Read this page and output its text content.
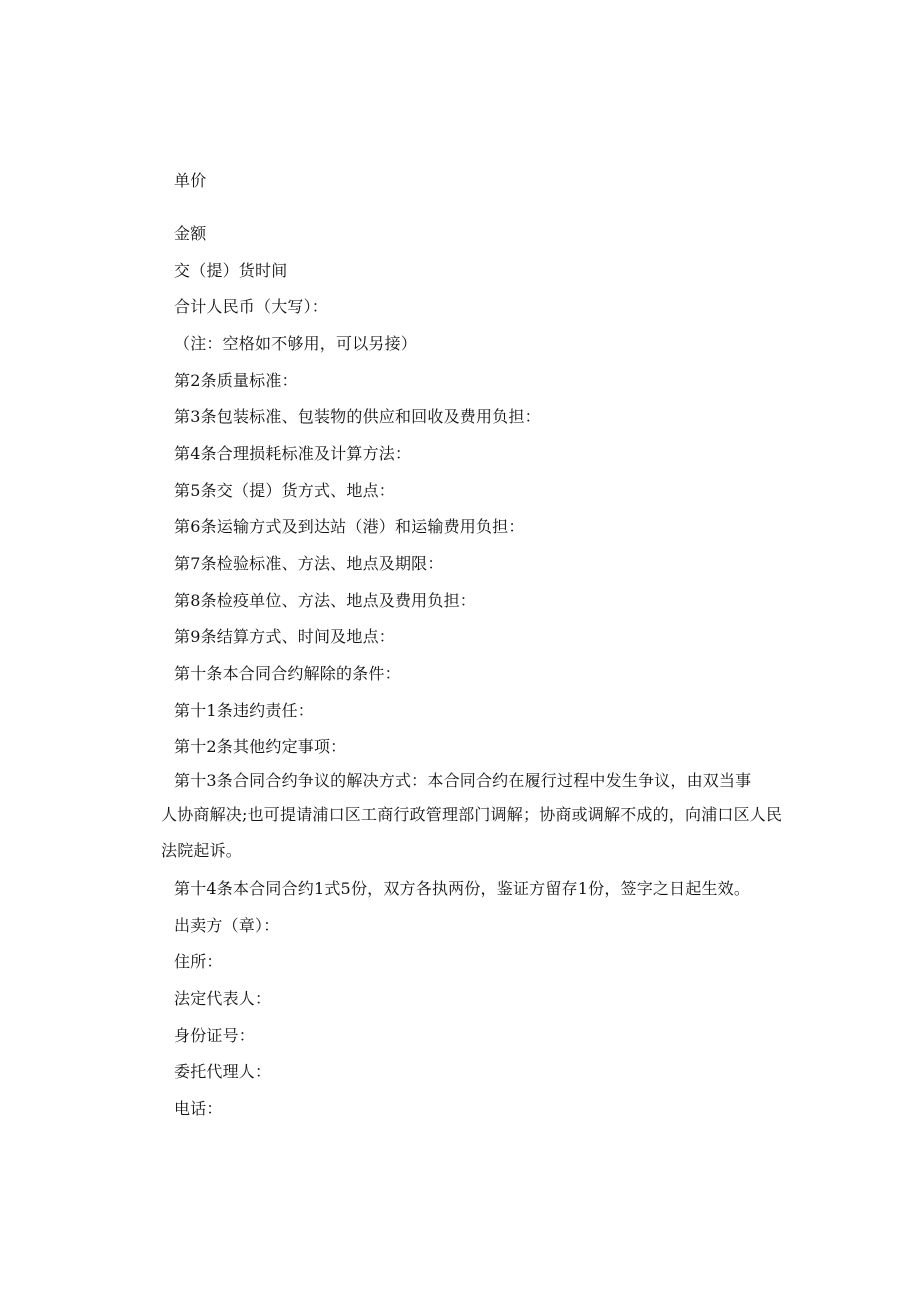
单价
金额
交（提）货时间
合计人民币（大写）：
（注：空格如不够用，可以另接）
第2条质量标准：
第3条包装标准、包装物的供应和回收及费用负担：
第4条合理损耗标准及计算方法：
第5条交（提）货方式、地点：
第6条运输方式及到达站（港）和运输费用负担：
第7条检验标准、方法、地点及期限：
第8条检疫单位、方法、地点及费用负担：
第9条结算方式、时间及地点：
第十条本合同合约解除的条件：
第十1条违约责任：
第十2条其他约定事项：
第十3条合同合约争议的解决方式：本合同合约在履行过程中发生争议，由双当事
人协商解决;也可提请浦口区工商行政管理部门调解；协商或调解不成的，向浦口区人民
法院起诉。
第十4条本合同合约1式5份，双方各执两份，鉴证方留存1份，签字之日起生效。
出卖方（章）：
住所：
法定代表人：
身份证号：
委托代理人：
电话：
